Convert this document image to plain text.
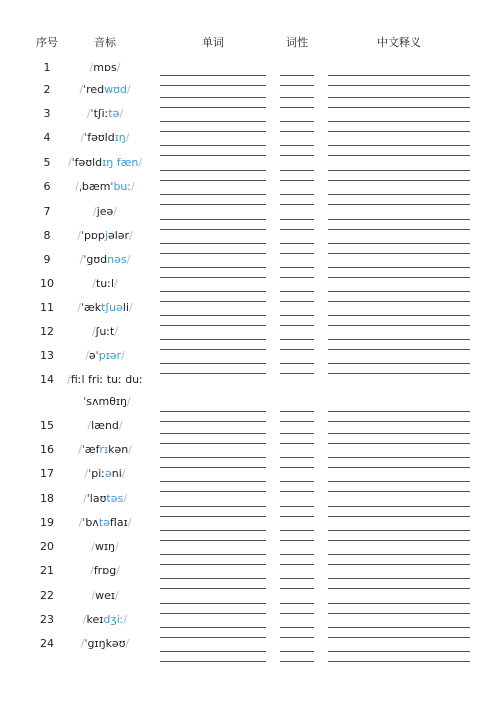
序号	音标	单词	词性	中文释义
1	/mɒs/
2	/ˈredwʊd/
3	/ˈtʃiːtə/
4	/ˈfəʊldɪŋ/
5 /ˈfəʊldɪŋ fæn/
6 /ˌbæmˈbuː/
7	/jeə/
8 /ˈpɒpjələr/
9	/ˈgʊdnəs/
10	/tuːl/
11 /ˈæktʃuəli/
12	/ʃuːt/
13	/əˈpɪər/
14 /fiːl friː tuː duː
ˈsʌmθɪŋ/
15	/lænd/
16 /ˈæfrɪkən/
17	/ˈpiːəni/
18	/ˈlaʊtəs/
19 /ˈbʌtəflaɪ/
20	/wɪŋ/
21	/frɒg/
22	/weɪ/
23	/keɪdʒiː/
24 /ˈgɪŋkəʊ/
